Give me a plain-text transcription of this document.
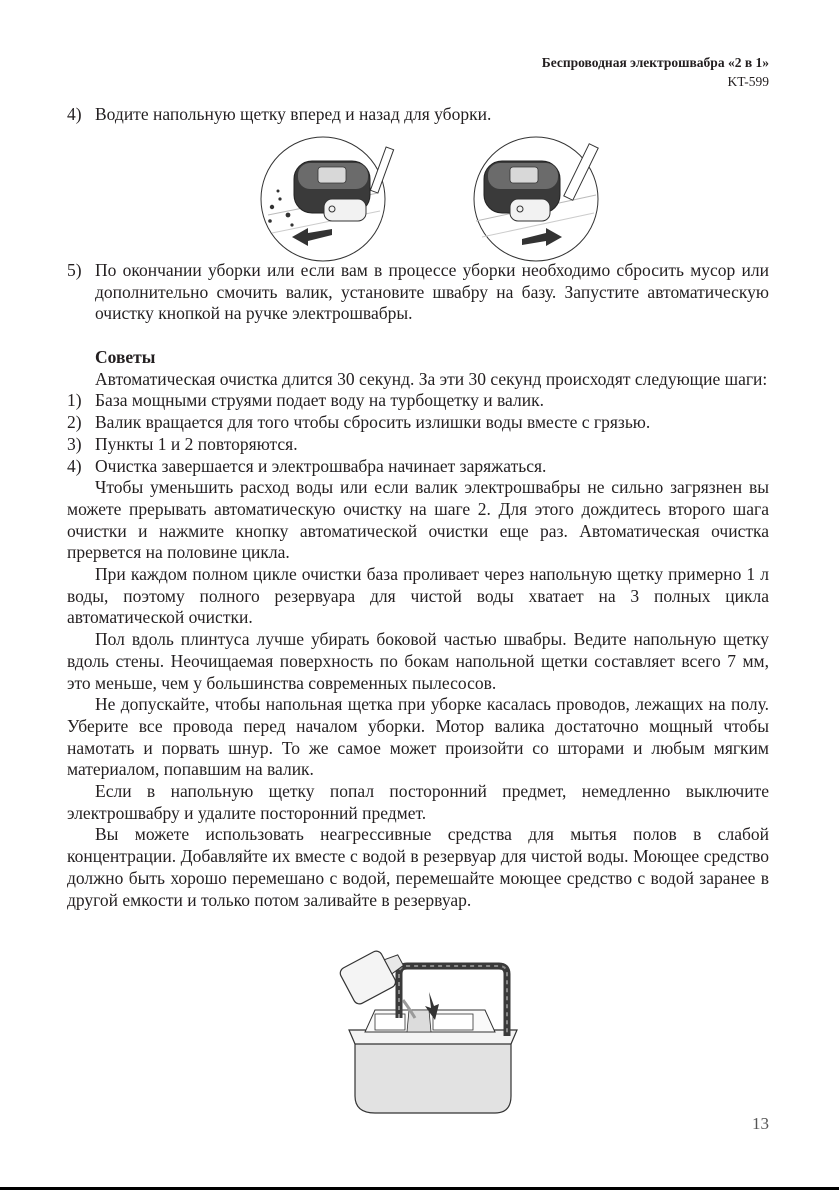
Беспроводная электрошвабра «2 в 1»
KT-599
4) Водите напольную щетку вперед и назад для уборки.
5) По окончании уборки или если вам в процессе уборки необходимо сбросить мусор или дополнительно смочить валик, установите швабру на базу. Запустите автоматическую очистку кнопкой на ручке электрошвабры.

Советы

Автоматическая очистка длится 30 секунд. За эти 30 секунд происходят следующие шаги:

1) База мощными струями подает воду на турбощетку и валик.
2) Валик вращается для того чтобы сбросить излишки воды вместе с грязью.
3) Пункты 1 и 2 повторяются.
4) Очистка завершается и электрошвабра начинает заряжаться.

Чтобы уменьшить расход воды или если валик электрошвабры не сильно загрязнен вы можете прерывать автоматическую очистку на шаге 2. Для этого дождитесь второго шага очистки и нажмите кнопку автоматической очистки еще раз. Автоматическая очистка прервется на половине цикла.

При каждом полном цикле очистки база проливает через напольную щетку примерно 1 л воды, поэтому полного резервуара для чистой воды хватает на 3 полных цикла автоматической очистки.

Пол вдоль плинтуса лучше убирать боковой частью швабры. Ведите напольную щетку вдоль стены. Неочищаемая поверхность по бокам напольной щетки составляет всего 7 мм, это меньше, чем у большинства современных пылесосов.

Не допускайте, чтобы напольная щетка при уборке касалась проводов, лежащих на полу. Уберите все провода перед началом уборки. Мотор валика достаточно мощный чтобы намотать и порвать шнур. То же самое может произойти со шторами и любым мягким материалом, попавшим на валик.

Если в напольную щетку попал посторонний предмет, немедленно выключите электрошвабру и удалите посторонний предмет.

Вы можете использовать неагрессивные средства для мытья полов в слабой концентрации. Добавляйте их вместе с водой в резервуар для чистой воды. Моющее средство должно быть хорошо перемешано с водой, перемешайте моющее средство с водой заранее в другой емкости и только потом заливайте в резервуар.

13
